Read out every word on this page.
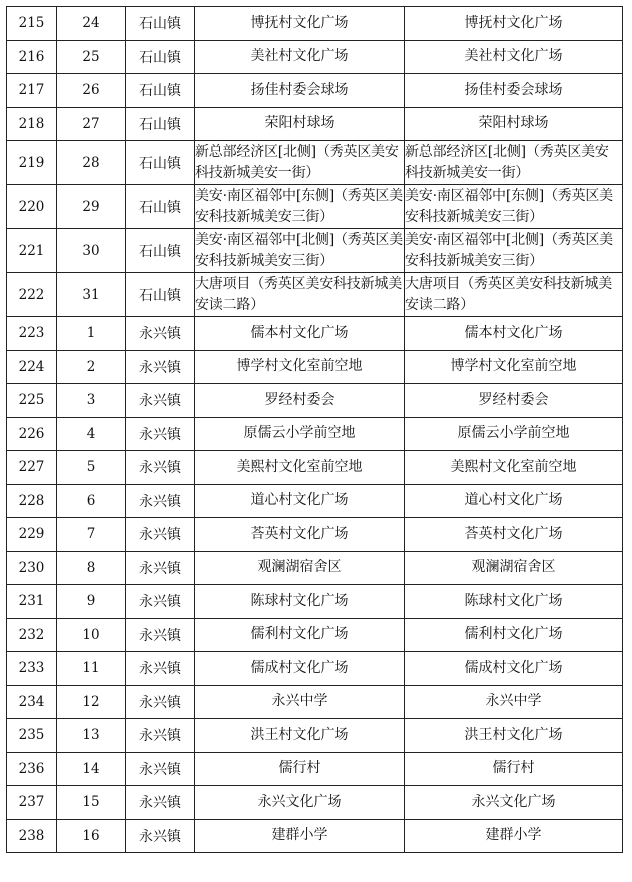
215	24	石山镇	博抚村文化广场	博抚村文化广场
216	25	石山镇	美社村文化广场	美社村文化广场
217	26	石山镇	扬佳村委会球场	扬佳村委会球场
218	27	石山镇	荣阳村球场	荣阳村球场
219	28	石山镇	新总部经济区[北侧]（秀英区美安科技新城美安一街）	新总部经济区[北侧]（秀英区美安科技新城美安一街）
220	29	石山镇	美安·南区福邻中[东侧]（秀英区美安科技新城美安三街）	美安·南区福邻中[东侧]（秀英区美安科技新城美安三街）
221	30	石山镇	美安·南区福邻中[北侧]（秀英区美安科技新城美安三街）	美安·南区福邻中[北侧]（秀英区美安科技新城美安三街）
222	31	石山镇	大唐项目（秀英区美安科技新城美安读二路）	大唐项目（秀英区美安科技新城美安读二路）
223	1	永兴镇	儒本村文化广场	儒本村文化广场
224	2	永兴镇	博学村文化室前空地	博学村文化室前空地
225	3	永兴镇	罗经村委会	罗经村委会
226	4	永兴镇	原儒云小学前空地	原儒云小学前空地
227	5	永兴镇	美熙村文化室前空地	美熙村文化室前空地
228	6	永兴镇	道心村文化广场	道心村文化广场
229	7	永兴镇	荅英村文化广场	荅英村文化广场
230	8	永兴镇	观澜湖宿舍区	观澜湖宿舍区
231	9	永兴镇	陈球村文化广场	陈球村文化广场
232	10	永兴镇	儒利村文化广场	儒利村文化广场
233	11	永兴镇	儒成村文化广场	儒成村文化广场
234	12	永兴镇	永兴中学	永兴中学
235	13	永兴镇	洪王村文化广场	洪王村文化广场
236	14	永兴镇	儒行村	儒行村
237	15	永兴镇	永兴文化广场	永兴文化广场
238	16	永兴镇	建群小学	建群小学
